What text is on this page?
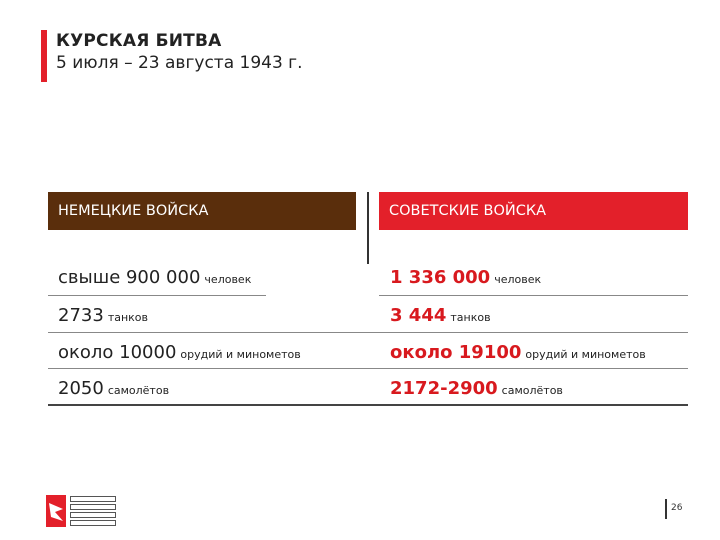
КУРСКАЯ БИТВА
5 июля – 23 августа 1943 г.
НЕМЕЦКИЕ ВОЙСКА	СОВЕТСКИЕ ВОЙСКА
свыше 900 000 человек	1 336 000 человек
2733 танков	3 444 танков
около 10000 орудий и минометов	около 19100 орудий и минометов
2050 самолётов	2172-2900 самолётов
26
